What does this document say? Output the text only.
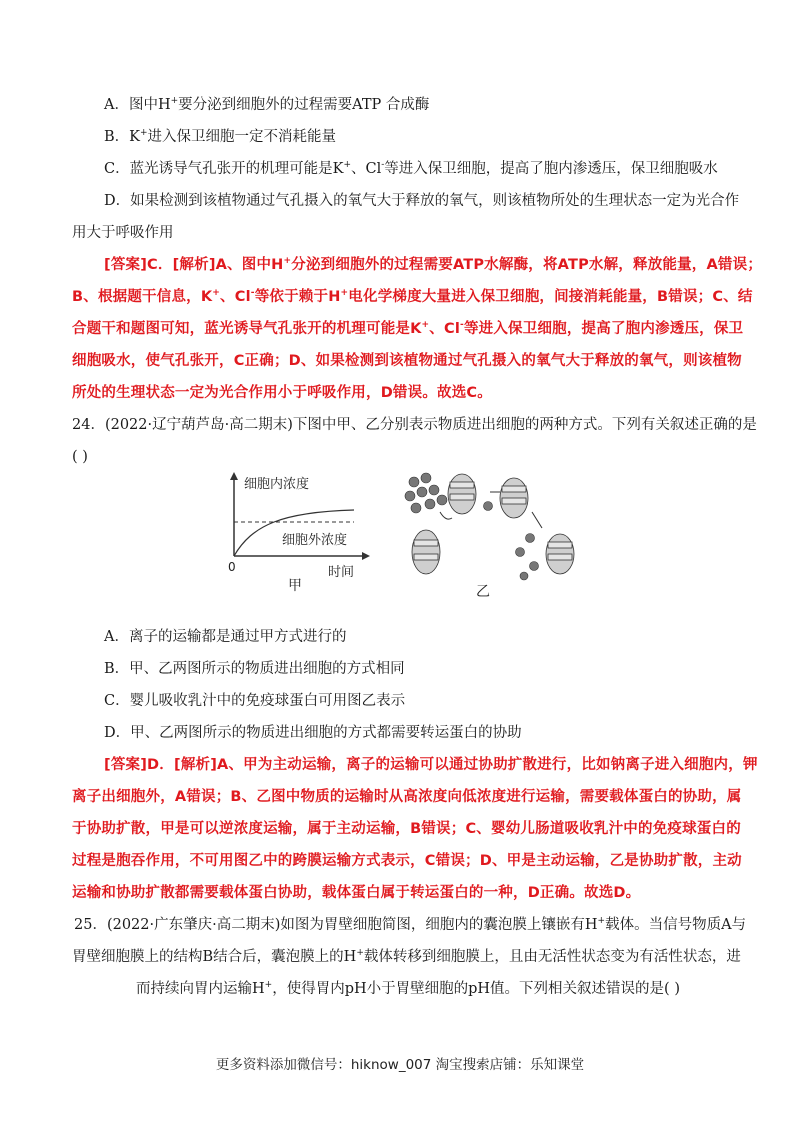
A．图中H+要分泌到细胞外的过程需要ATP 合成酶
B．K+进入保卫细胞一定不消耗能量
C．蓝光诱导气孔张开的机理可能是K+、Cl-等进入保卫细胞，提高了胞内渗透压，保卫细胞吸水
D．如果检测到该植物通过气孔摄入的氧气大于释放的氧气，则该植物所处的生理状态一定为光合作
用大于呼吸作用
[答案]C．[解析]A、图中H+分泌到细胞外的过程需要ATP水解酶，将ATP水解，释放能量，A错误；
B、根据题干信息，K+、Cl-等依于赖于H+电化学梯度大量进入保卫细胞，间接消耗能量，B错误；C、结
合题干和题图可知，蓝光诱导气孔张开的机理可能是K+、Cl-等进入保卫细胞，提高了胞内渗透压，保卫
细胞吸水，使气孔张开，C正确；D、如果检测到该植物通过气孔摄入的氧气大于释放的氧气，则该植物
所处的生理状态一定为光合作用小于呼吸作用，D错误。故选C。
24．(2022·辽宁葫芦岛·高二期末)下图中甲、乙分别表示物质进出细胞的两种方式。下列有关叙述正确的是
( )
细胞内浓度
细胞外浓度
0	时间
甲	乙
A．离子的运输都是通过甲方式进行的
B．甲、乙两图所示的物质进出细胞的方式相同
C．婴儿吸收乳汁中的免疫球蛋白可用图乙表示
D．甲、乙两图所示的物质进出细胞的方式都需要转运蛋白的协助
[答案]D．[解析]A、甲为主动运输，离子的运输可以通过协助扩散进行，比如钠离子进入细胞内，钾
离子出细胞外，A错误；B、乙图中物质的运输时从高浓度向低浓度进行运输，需要载体蛋白的协助，属
于协助扩散，甲是可以逆浓度运输，属于主动运输，B错误；C、婴幼儿肠道吸收乳汁中的免疫球蛋白的
过程是胞吞作用，不可用图乙中的跨膜运输方式表示，C错误；D、甲是主动运输，乙是协助扩散，主动
运输和协助扩散都需要载体蛋白协助，载体蛋白属于转运蛋白的一种，D正确。故选D。
25．(2022·广东肇庆·高二期末)如图为胃壁细胞简图，细胞内的囊泡膜上镶嵌有H+载体。当信号物质A与
胃壁细胞膜上的结构B结合后，囊泡膜上的H+载体转移到细胞膜上，且由无活性状态变为有活性状态，进
而持续向胃内运输H+，使得胃内pH小于胃壁细胞的pH值。下列相关叙述错误的是( )
更多资料添加微信号：hiknow_007 淘宝搜索店铺：乐知课堂
